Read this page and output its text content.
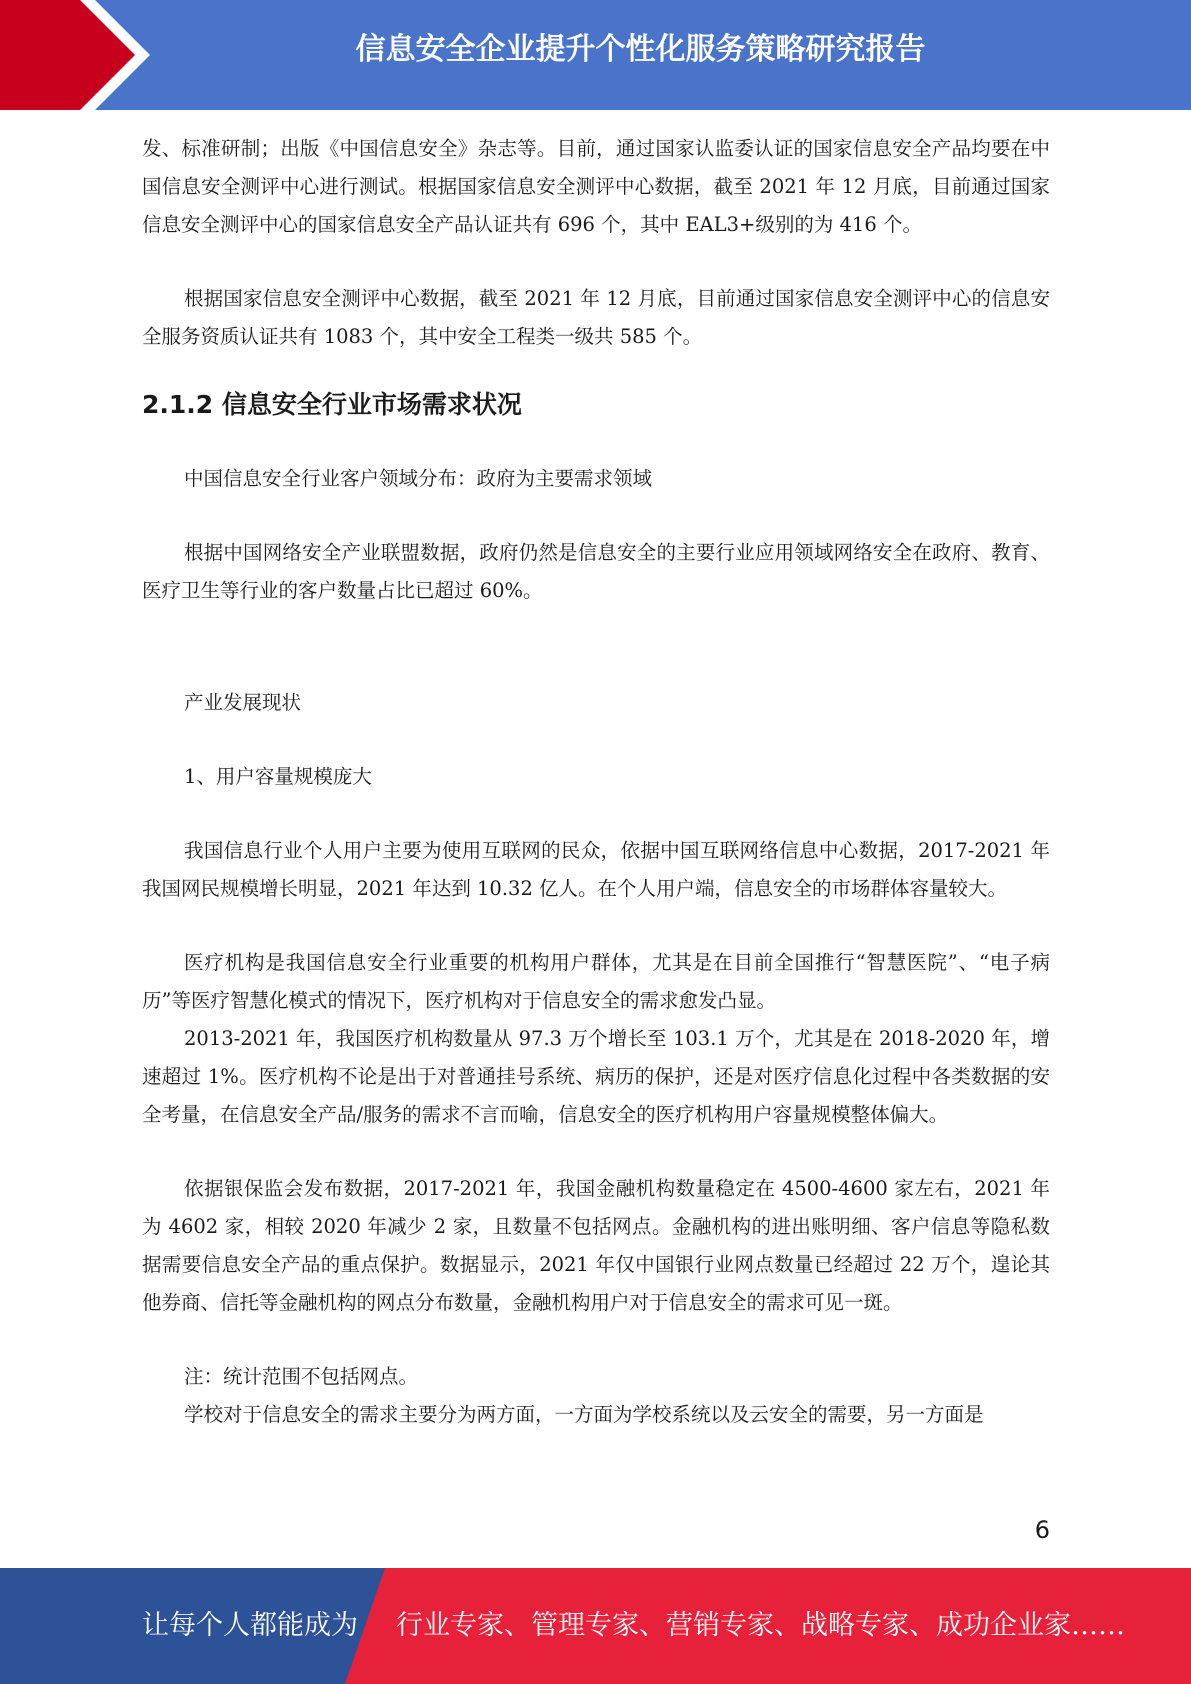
信息安全企业提升个性化服务策略研究报告

发、标准研制；出版《中国信息安全》杂志等。目前，通过国家认监委认证的国家信息安全产品均要在中国信息安全测评中心进行测试。根据国家信息安全测评中心数据，截至 2021 年 12 月底，目前通过国家信息安全测评中心的国家信息安全产品认证共有 696 个，其中 EAL3+级别的为 416 个。

根据国家信息安全测评中心数据，截至 2021 年 12 月底，目前通过国家信息安全测评中心的信息安全服务资质认证共有 1083 个，其中安全工程类一级共 585 个。

2.1.2 信息安全行业市场需求状况

中国信息安全行业客户领域分布：政府为主要需求领域

根据中国网络安全产业联盟数据，政府仍然是信息安全的主要行业应用领域网络安全在政府、教育、医疗卫生等行业的客户数量占比已超过 60%。

产业发展现状

1、用户容量规模庞大

我国信息行业个人用户主要为使用互联网的民众，依据中国互联网络信息中心数据，2017-2021 年我国网民规模增长明显，2021 年达到 10.32 亿人。在个人用户端，信息安全的市场群体容量较大。

医疗机构是我国信息安全行业重要的机构用户群体，尤其是在目前全国推行“智慧医院”、“电子病历”等医疗智慧化模式的情况下，医疗机构对于信息安全的需求愈发凸显。

2013-2021 年，我国医疗机构数量从 97.3 万个增长至 103.1 万个，尤其是在 2018-2020 年，增速超过 1%。医疗机构不论是出于对普通挂号系统、病历的保护，还是对医疗信息化过程中各类数据的安全考量，在信息安全产品/服务的需求不言而喻，信息安全的医疗机构用户容量规模整体偏大。

依据银保监会发布数据，2017-2021 年，我国金融机构数量稳定在 4500-4600 家左右，2021 年为 4602 家，相较 2020 年减少 2 家，且数量不包括网点。金融机构的进出账明细、客户信息等隐私数据需要信息安全产品的重点保护。数据显示，2021 年仅中国银行业网点数量已经超过 22 万个，遑论其他券商、信托等金融机构的网点分布数量，金融机构用户对于信息安全的需求可见一斑。

注：统计范围不包括网点。

学校对于信息安全的需求主要分为两方面，一方面为学校系统以及云安全的需要，另一方面是

6
让每个人都能成为 行业专家、管理专家、营销专家、战略专家、成功企业家……
